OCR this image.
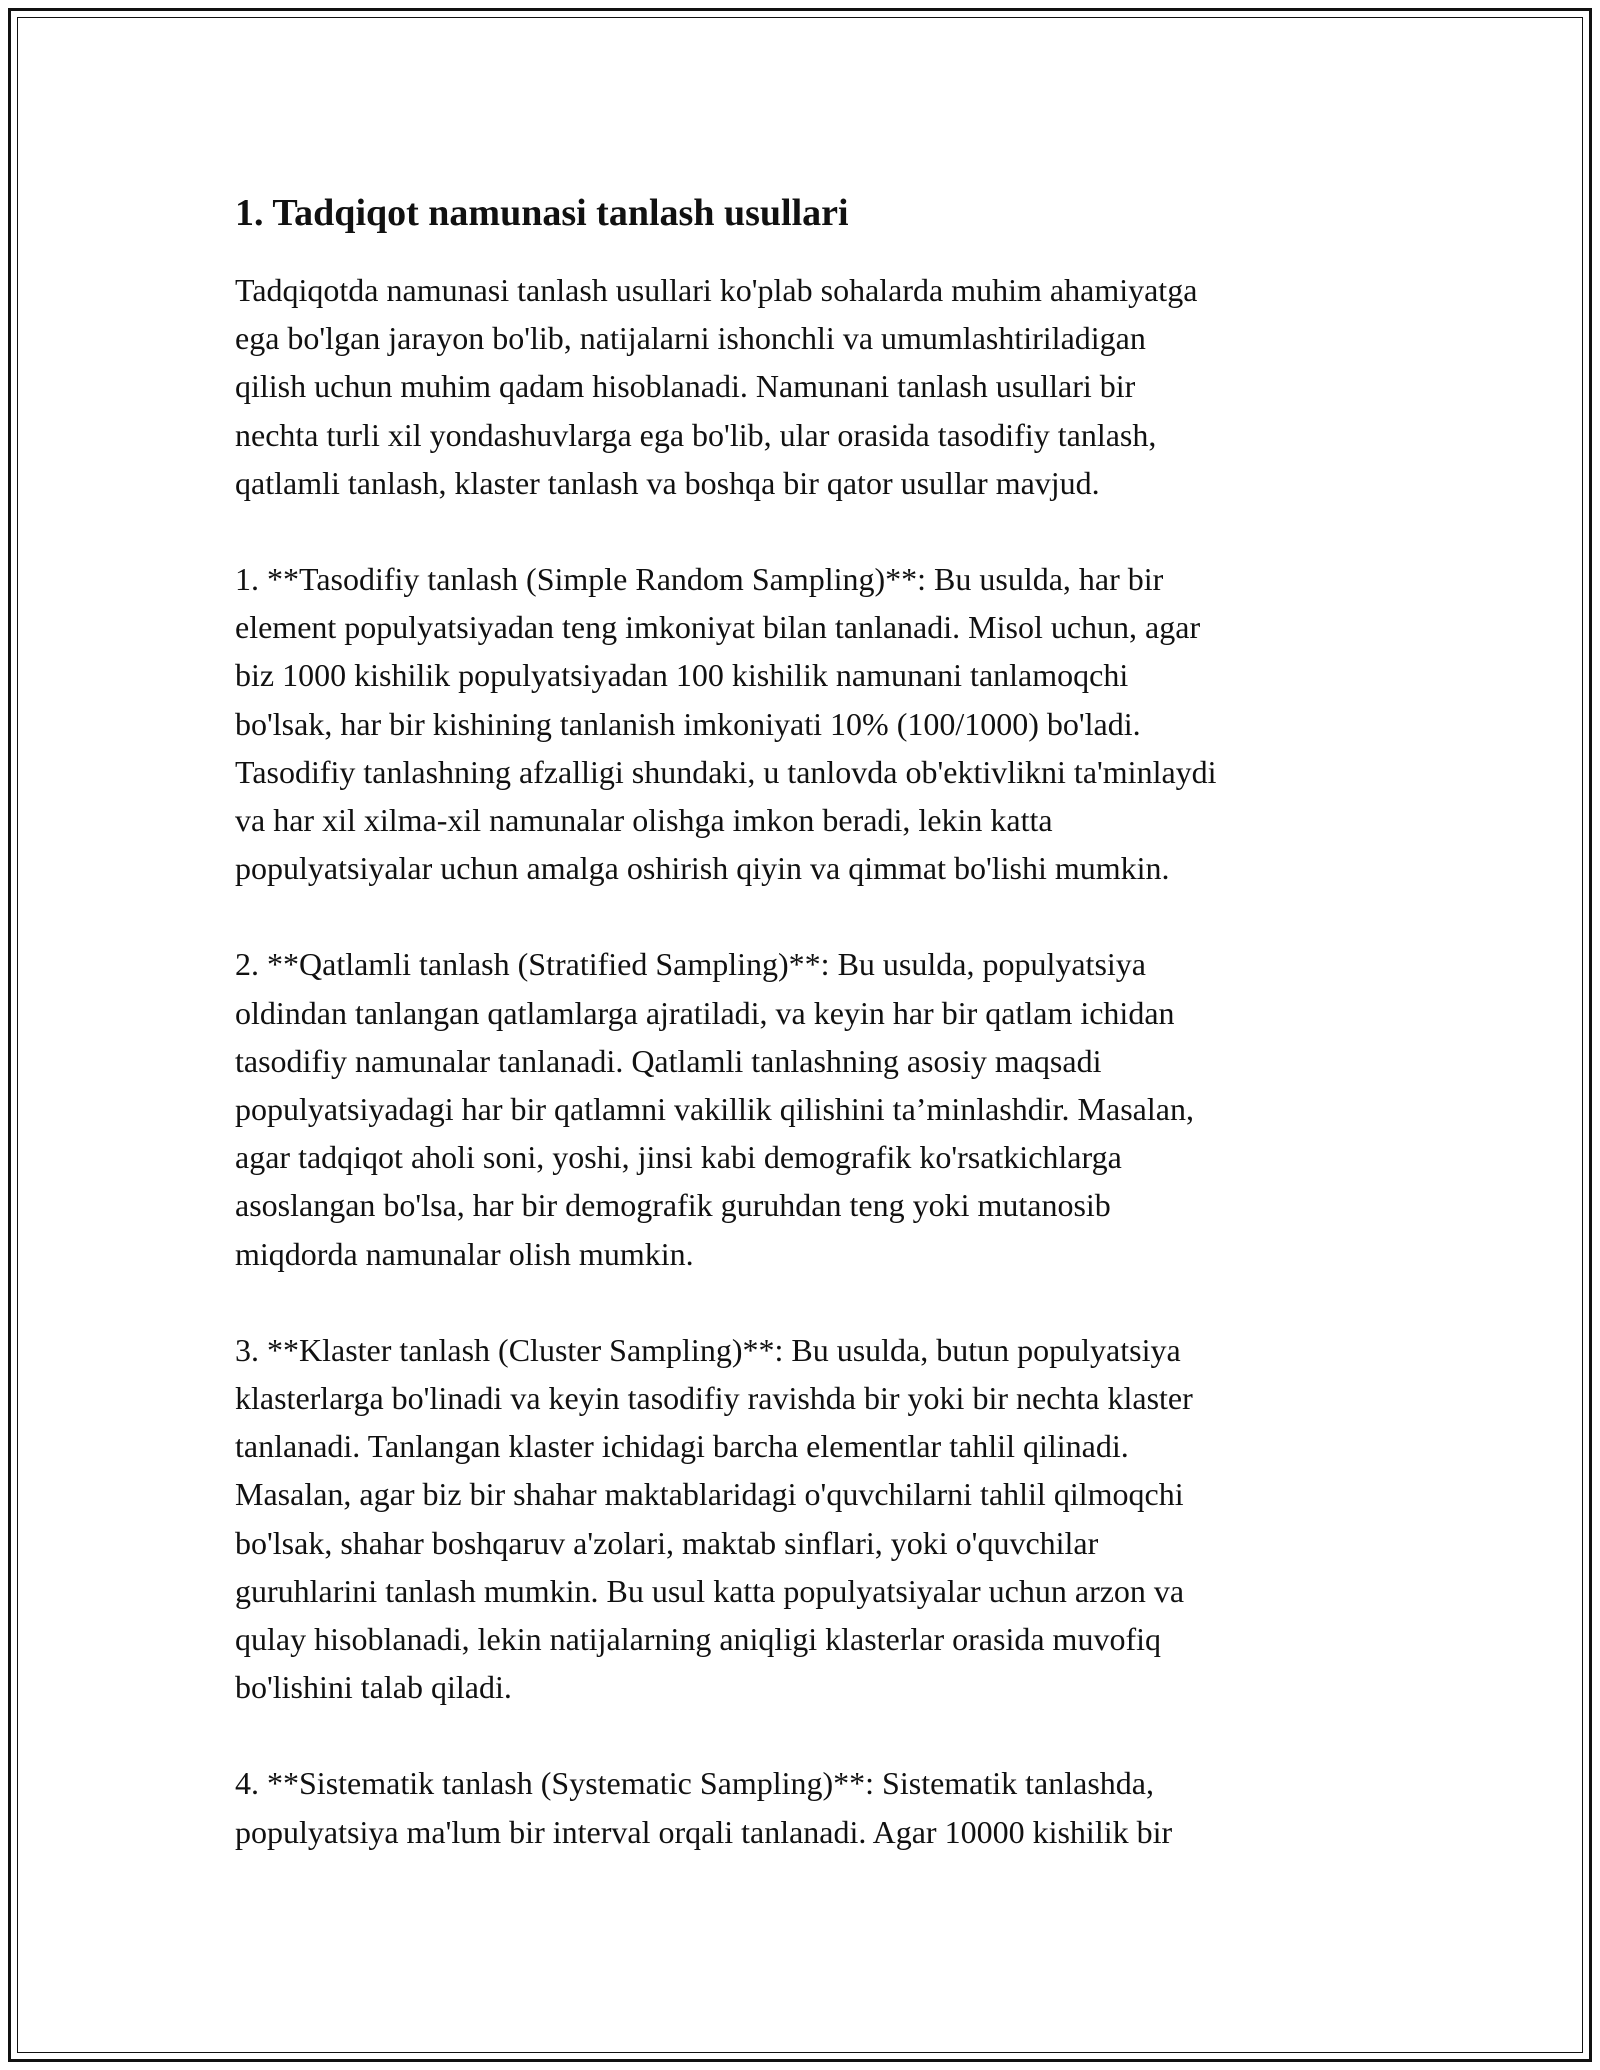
1. Tadqiqot namunasi tanlash usullari

Tadqiqotda namunasi tanlash usullari ko'plab sohalarda muhim ahamiyatga
ega bo'lgan jarayon bo'lib, natijalarni ishonchli va umumlashtiriladigan
qilish uchun muhim qadam hisoblanadi. Namunani tanlash usullari bir
nechta turli xil yondashuvlarga ega bo'lib, ular orasida tasodifiy tanlash,
qatlamli tanlash, klaster tanlash va boshqa bir qator usullar mavjud.

1. **Tasodifiy tanlash (Simple Random Sampling)**: Bu usulda, har bir
element populyatsiyadan teng imkoniyat bilan tanlanadi. Misol uchun, agar
biz 1000 kishilik populyatsiyadan 100 kishilik namunani tanlamoqchi
bo'lsak, har bir kishining tanlanish imkoniyati 10% (100/1000) bo'ladi.
Tasodifiy tanlashning afzalligi shundaki, u tanlovda ob'ektivlikni ta'minlaydi
va har xil xilma-xil namunalar olishga imkon beradi, lekin katta
populyatsiyalar uchun amalga oshirish qiyin va qimmat bo'lishi mumkin.

2. **Qatlamli tanlash (Stratified Sampling)**: Bu usulda, populyatsiya
oldindan tanlangan qatlamlarga ajratiladi, va keyin har bir qatlam ichidan
tasodifiy namunalar tanlanadi. Qatlamli tanlashning asosiy maqsadi
populyatsiyadagi har bir qatlamni vakillik qilishini ta’minlashdir. Masalan,
agar tadqiqot aholi soni, yoshi, jinsi kabi demografik ko'rsatkichlarga
asoslangan bo'lsa, har bir demografik guruhdan teng yoki mutanosib
miqdorda namunalar olish mumkin.

3. **Klaster tanlash (Cluster Sampling)**: Bu usulda, butun populyatsiya
klasterlarga bo'linadi va keyin tasodifiy ravishda bir yoki bir nechta klaster
tanlanadi. Tanlangan klaster ichidagi barcha elementlar tahlil qilinadi.
Masalan, agar biz bir shahar maktablaridagi o'quvchilarni tahlil qilmoqchi
bo'lsak, shahar boshqaruv a'zolari, maktab sinflari, yoki o'quvchilar
guruhlarini tanlash mumkin. Bu usul katta populyatsiyalar uchun arzon va
qulay hisoblanadi, lekin natijalarning aniqligi klasterlar orasida muvofiq
bo'lishini talab qiladi.

4. **Sistematik tanlash (Systematic Sampling)**: Sistematik tanlashda,
populyatsiya ma'lum bir interval orqali tanlanadi. Agar 10000 kishilik bir
